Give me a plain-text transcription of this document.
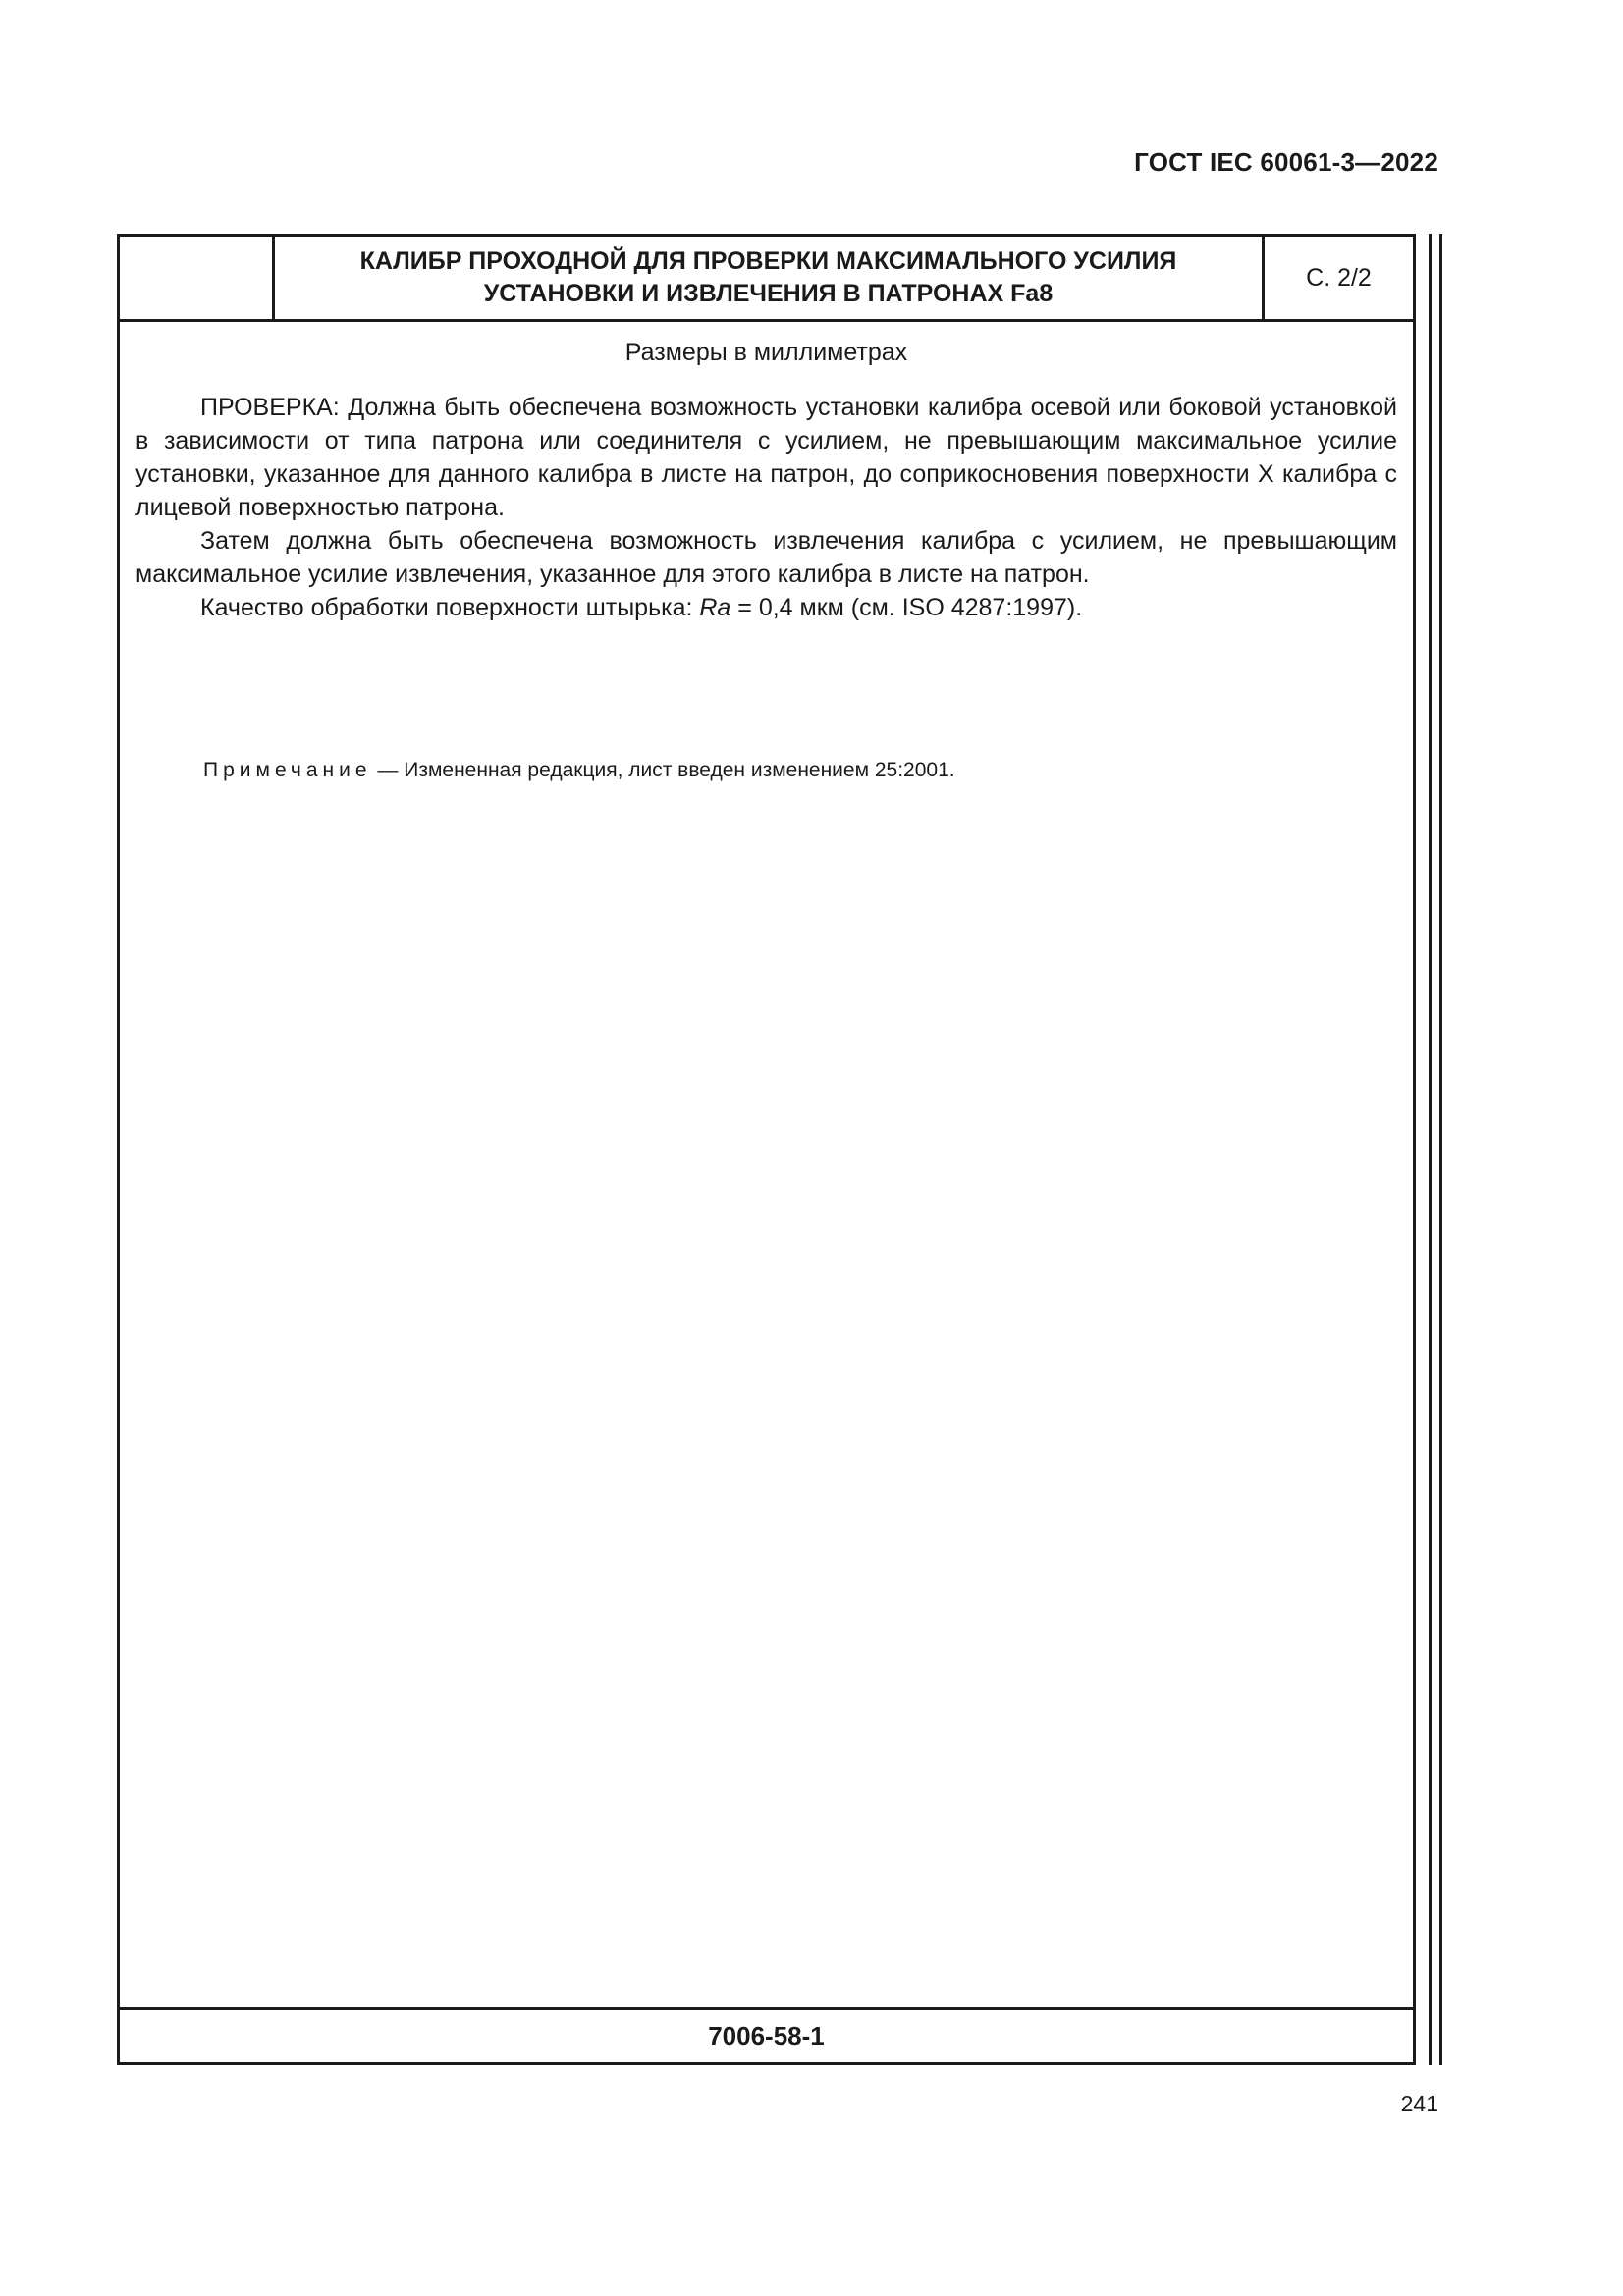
ГОСТ IEC 60061-3—2022
КАЛИБР ПРОХОДНОЙ ДЛЯ ПРОВЕРКИ МАКСИМАЛЬНОГО УСИЛИЯ
УСТАНОВКИ И ИЗВЛЕЧЕНИЯ В ПАТРОНАХ Fa8
С. 2/2
Размеры в миллиметрах

ПРОВЕРКА: Должна быть обеспечена возможность установки калибра осевой или боковой установкой в зависимости от типа патрона или соединителя с усилием, не превышающим максимальное усилие установки, указанное для данного калибра в листе на патрон, до соприкосновения поверхности X калибра с лицевой поверхностью патрона.

Затем должна быть обеспечена возможность извлечения калибра с усилием, не превышающим максимальное усилие извлечения, указанное для этого калибра в листе на патрон.

Качество обработки поверхности штырька: Ra = 0,4 мкм (см. ISO 4287:1997).

Примечание — Измененная редакция, лист введен изменением 25:2001.
7006-58-1
241
